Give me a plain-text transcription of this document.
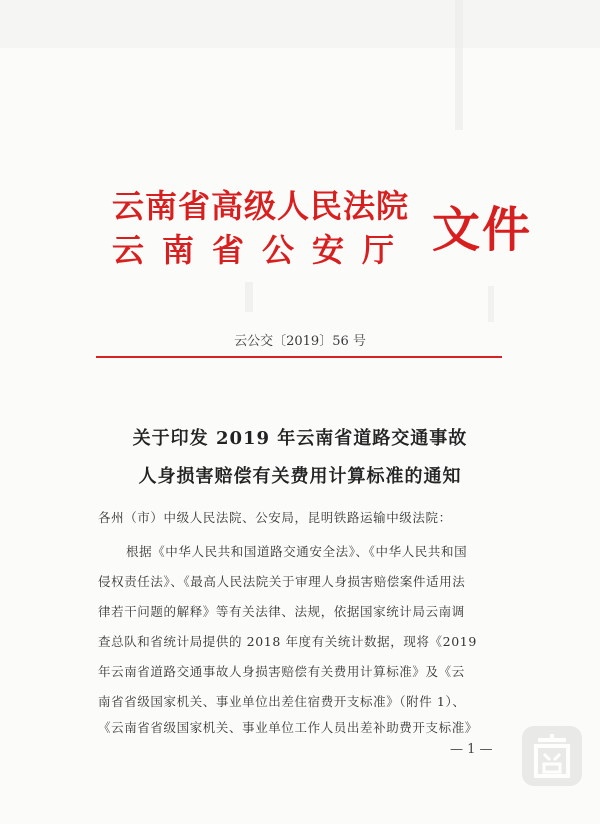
云南省高级人民法院
云南省公安厅 文件
云公交〔2019〕56 号
关于印发 2019 年云南省道路交通事故
人身损害赔偿有关费用计算标准的通知
各州（市）中级人民法院、公安局，昆明铁路运输中级法院：
根据《中华人民共和国道路交通安全法》、《中华人民共和国
侵权责任法》、《最高人民法院关于审理人身损害赔偿案件适用法
律若干问题的解释》等有关法律、法规，依据国家统计局云南调
查总队和省统计局提供的 2018 年度有关统计数据，现将《2019
年云南省道路交通事故人身损害赔偿有关费用计算标准》及《云
南省省级国家机关、事业单位出差住宿费开支标准》（附件 1）、
《云南省省级国家机关、事业单位工作人员出差补助费开支标准》
— 1 —
